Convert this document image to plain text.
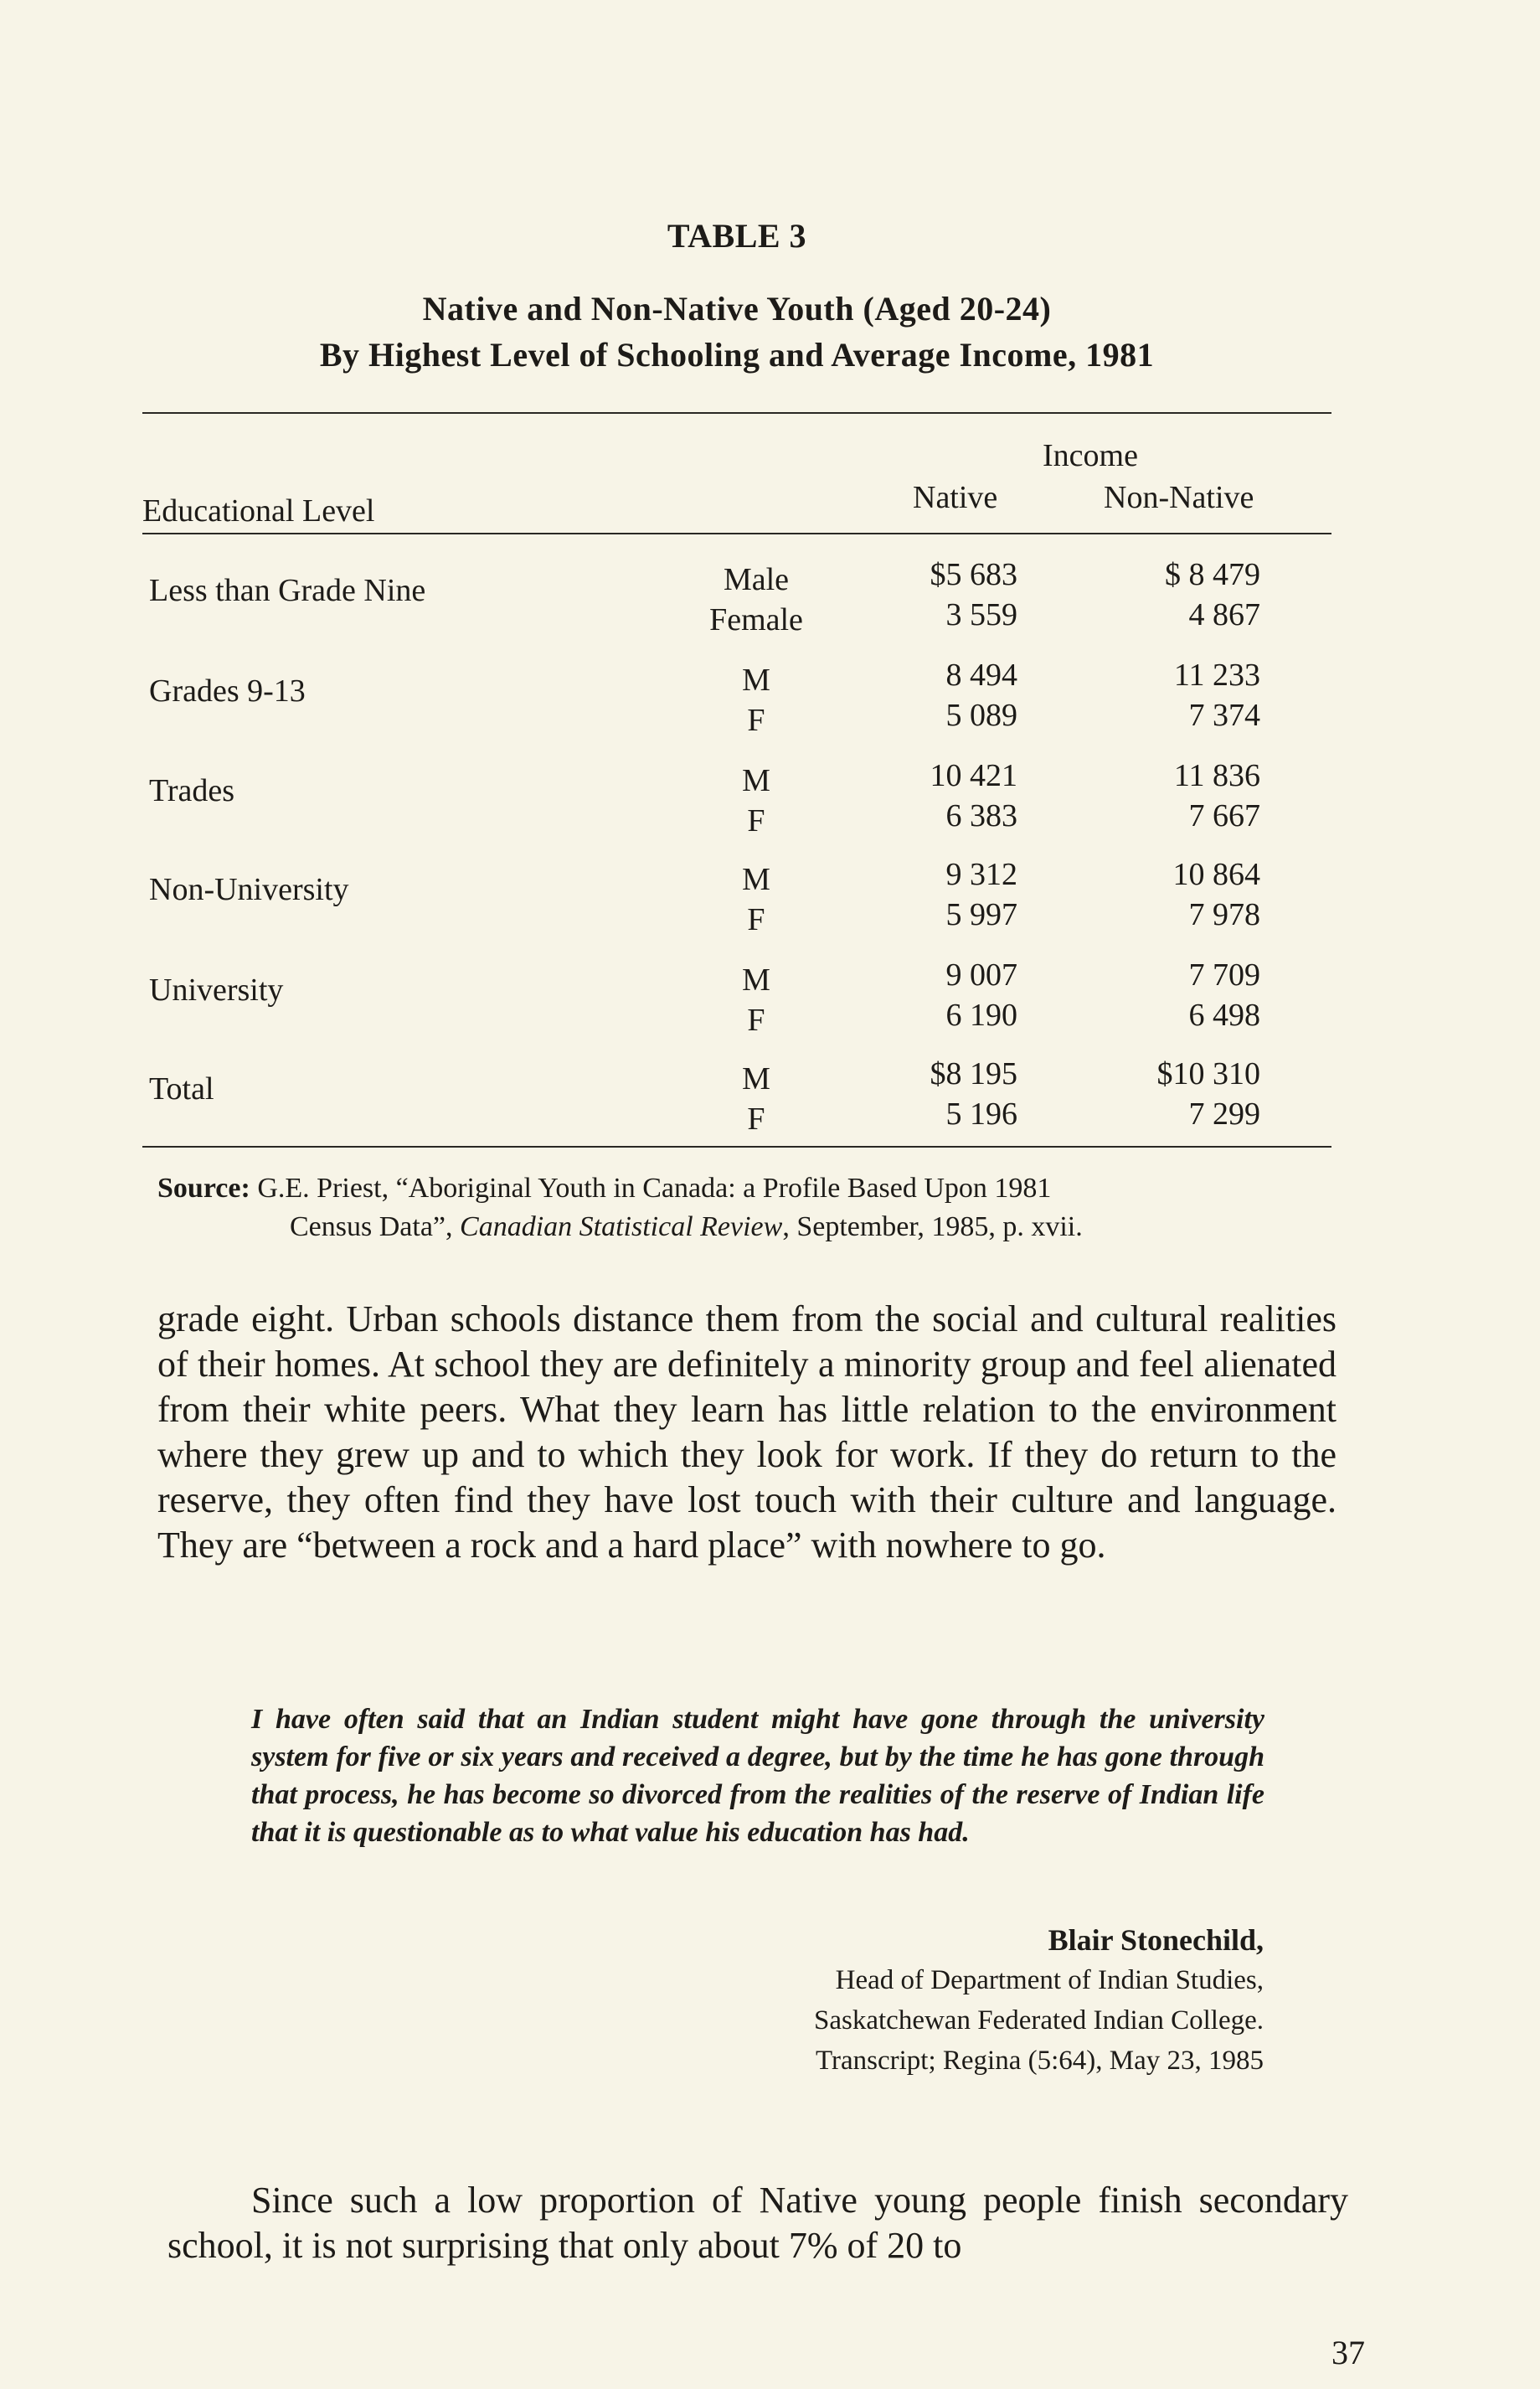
TABLE 3
Native and Non-Native Youth (Aged 20-24)
By Highest Level of Schooling and Average Income, 1981
Income
Educational Level	Native	Non-Native
Less than Grade Nine	Male	$5 683	$ 8 479
Female	3 559	4 867
Grades 9-13	M	8 494	11 233
F	5 089	7 374
Trades	M	10 421	11 836
F	6 383	7 667
Non-University	M	9 312	10 864
F	5 997	7 978
University	M	9 007	7 709
F	6 190	6 498
Total	M	$8 195	$10 310
F	5 196	7 299
Source: G.E. Priest, “Aboriginal Youth in Canada: a Profile Based Upon 1981
Census Data”, Canadian Statistical Review, September, 1985, p. xvii.

grade eight. Urban schools distance them from the social and cultural realities of their homes. At school they are definitely a minority group and feel alienated from their white peers. What they learn has little relation to the environment where they grew up and to which they look for work. If they do return to the reserve, they often find they have lost touch with their culture and language. They are “between a rock and a hard place” with nowhere to go.

I have often said that an Indian student might have gone through the university system for five or six years and received a degree, but by the time he has gone through that process, he has become so divorced from the realities of the reserve of Indian life that it is questionable as to what value his education has had.

Blair Stonechild,
Head of Department of Indian Studies,
Saskatchewan Federated Indian College.
Transcript; Regina (5:64), May 23, 1985

Since such a low proportion of Native young people finish secondary school, it is not surprising that only about 7% of 20 to

37
